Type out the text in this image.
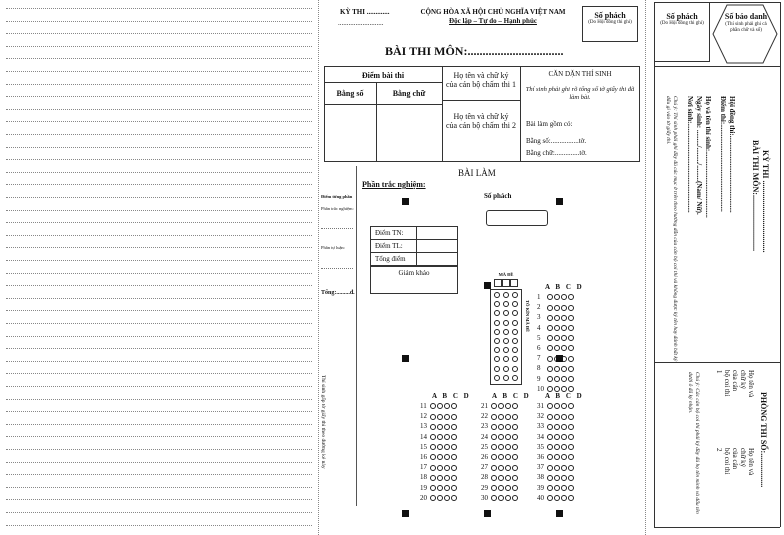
KỲ THI .............
..........................
CỘNG HÒA XÃ HỘI CHỦ NGHĨA VIỆT NAM
Độc lập – Tự do – Hạnh phúc
Số phách
(Do Hội đồng thi ghi)
BÀI THI MÔN:................................
Điểm bài thi
Bằng số	Bằng chữ
Họ tên và chữ ký
của cán bộ chấm thi 1
Họ tên và chữ ký
của cán bộ chấm thi 2
CĂN DẶN THÍ SINH
Thí sinh phải ghi rõ tổng số tờ giấy thi đã làm bài.
Bài làm gồm có:
Bằng số:................tờ.
Bằng chữ:..............tờ.
BÀI LÀM
Phần trắc nghiệm:
Số phách
Điểm từng phần
Phần trắc nghiệm:
Phần tự luận:
Tổng:.........đ.
Thí sinh gấp tờ giấy thi theo đường kẻ này
Điểm TN:
Điểm TL:
Tổng điểm
Giám khảo	MÃ ĐỀ
TÔ KÍN MÃ ĐỀ
A B C D
1
2
3
4
5
6
7
8
9
10
A B C D
11
12
13
14
15
16
17
18
19
20
A B C D
21
22
23
24
25
26
27
28
29
30
A B C D
31
32
33
34
35
36
37
38
39
40
Số phách
(Do Hội đồng thi ghi)
Số báo danh
(Thí sinh phải ghi cả phần chữ và số)
Hội đồng thi:............................................
Điểm thi:..................................................
Họ và tên thí sinh:......................................
Ngày sinh: ........./........./.........(Nam/ Nữ).
Nơi sinh:...................................................
Chú ý: Thí sinh phải ghi đầy đủ các mục ở trên theo hướng dẫn của cán bộ coi thi và không được ký tên hay đánh bất kỳ dấu gì vào tờ giấy thi.
KỲ THI ....................................
BÀI THI MÔN:............................
PHÒNG THI SỐ:.................
Họ tên và chữ ký
của cán bộ coi thi 1
Họ tên và chữ ký
của cán bộ coi thi 2
Chú ý: Các cán bộ coi thi phải ký đầy đủ họ tên mình và dấu tên dưới ô đã ký nhận.
